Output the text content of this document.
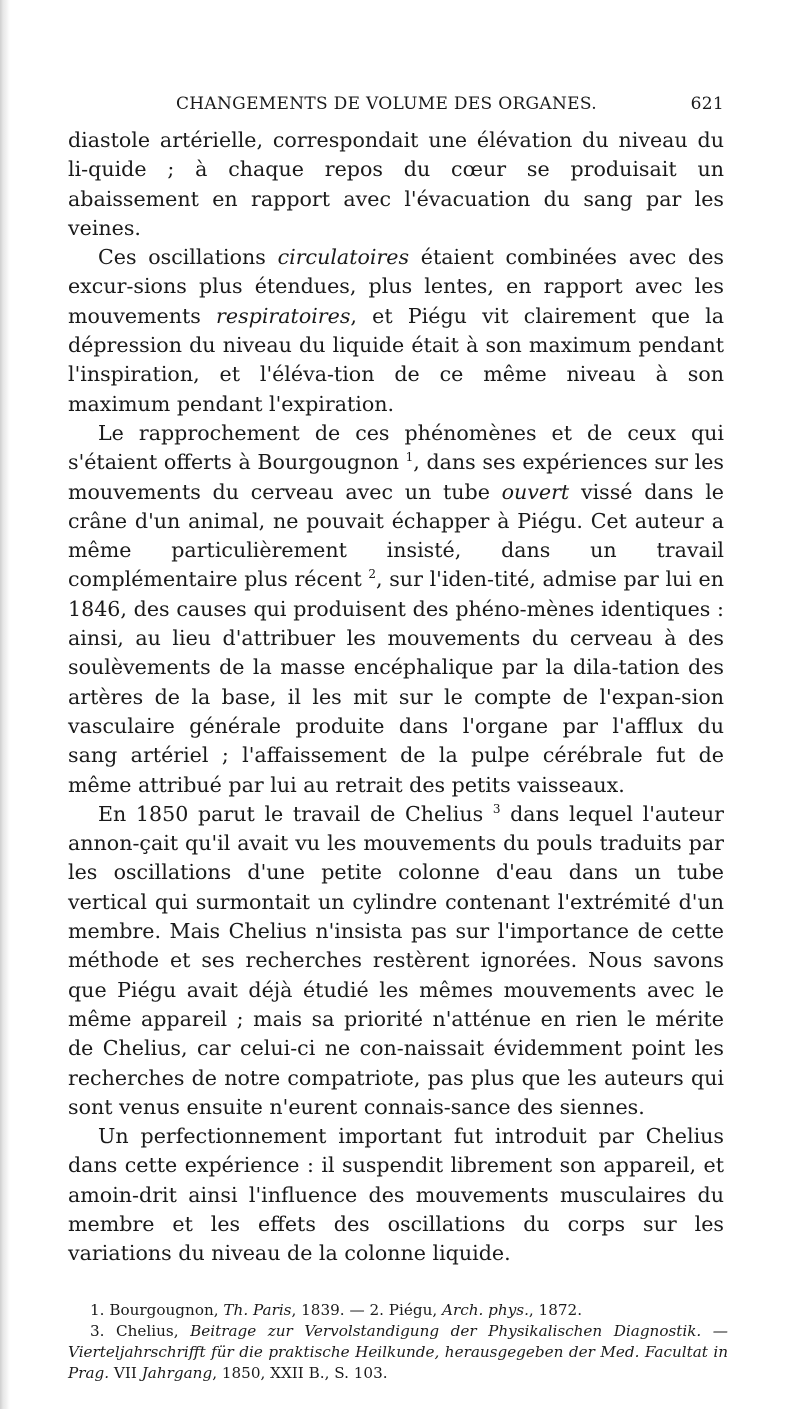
CHANGEMENTS DE VOLUME DES ORGANES.	621

diastole artérielle, correspondait une élévation du niveau du li-quide ; à chaque repos du cœur se produisait un abaissement en rapport avec l'évacuation du sang par les veines.

Ces oscillations circulatoires étaient combinées avec des excur-sions plus étendues, plus lentes, en rapport avec les mouvements respiratoires, et Piégu vit clairement que la dépression du niveau du liquide était à son maximum pendant l'inspiration, et l'éléva-tion de ce même niveau à son maximum pendant l'expiration.

Le rapprochement de ces phénomènes et de ceux qui s'étaient offerts à Bourgougnon $^1$, dans ses expériences sur les mouvements du cerveau avec un tube ouvert vissé dans le crâne d'un animal, ne pouvait échapper à Piégu. Cet auteur a même particulièrement insisté, dans un travail complémentaire plus récent $^2$, sur l'iden-tité, admise par lui en 1846, des causes qui produisent des phéno-mènes identiques : ainsi, au lieu d'attribuer les mouvements du cerveau à des soulèvements de la masse encéphalique par la dila-tation des artères de la base, il les mit sur le compte de l'expan-sion vasculaire générale produite dans l'organe par l'afflux du sang artériel ; l'affaissement de la pulpe cérébrale fut de même attribué par lui au retrait des petits vaisseaux.

En 1850 parut le travail de Chelius $^3$ dans lequel l'auteur annon-çait qu'il avait vu les mouvements du pouls traduits par les oscillations d'une petite colonne d'eau dans un tube vertical qui surmontait un cylindre contenant l'extrémité d'un membre. Mais Chelius n'insista pas sur l'importance de cette méthode et ses recherches restèrent ignorées. Nous savons que Piégu avait déjà étudié les mêmes mouvements avec le même appareil ; mais sa priorité n'atténue en rien le mérite de Chelius, car celui-ci ne con-naissait évidemment point les recherches de notre compatriote, pas plus que les auteurs qui sont venus ensuite n'eurent connais-sance des siennes.

Un perfectionnement important fut introduit par Chelius dans cette expérience : il suspendit librement son appareil, et amoin-drit ainsi l'influence des mouvements musculaires du membre et les effets des oscillations du corps sur les variations du niveau de la colonne liquide.

1. Bourgougnon, Th. Paris, 1839. — 2. Piégu, Arch. phys., 1872.

3. Chelius, Beitrage zur Vervolstandigung der Physikalischen Diagnostik. — Vierteljahrschrifft für die praktische Heilkunde, herausgegeben der Med. Facultat in Prag. VII Jahrgang, 1850, XXII B., S. 103.
